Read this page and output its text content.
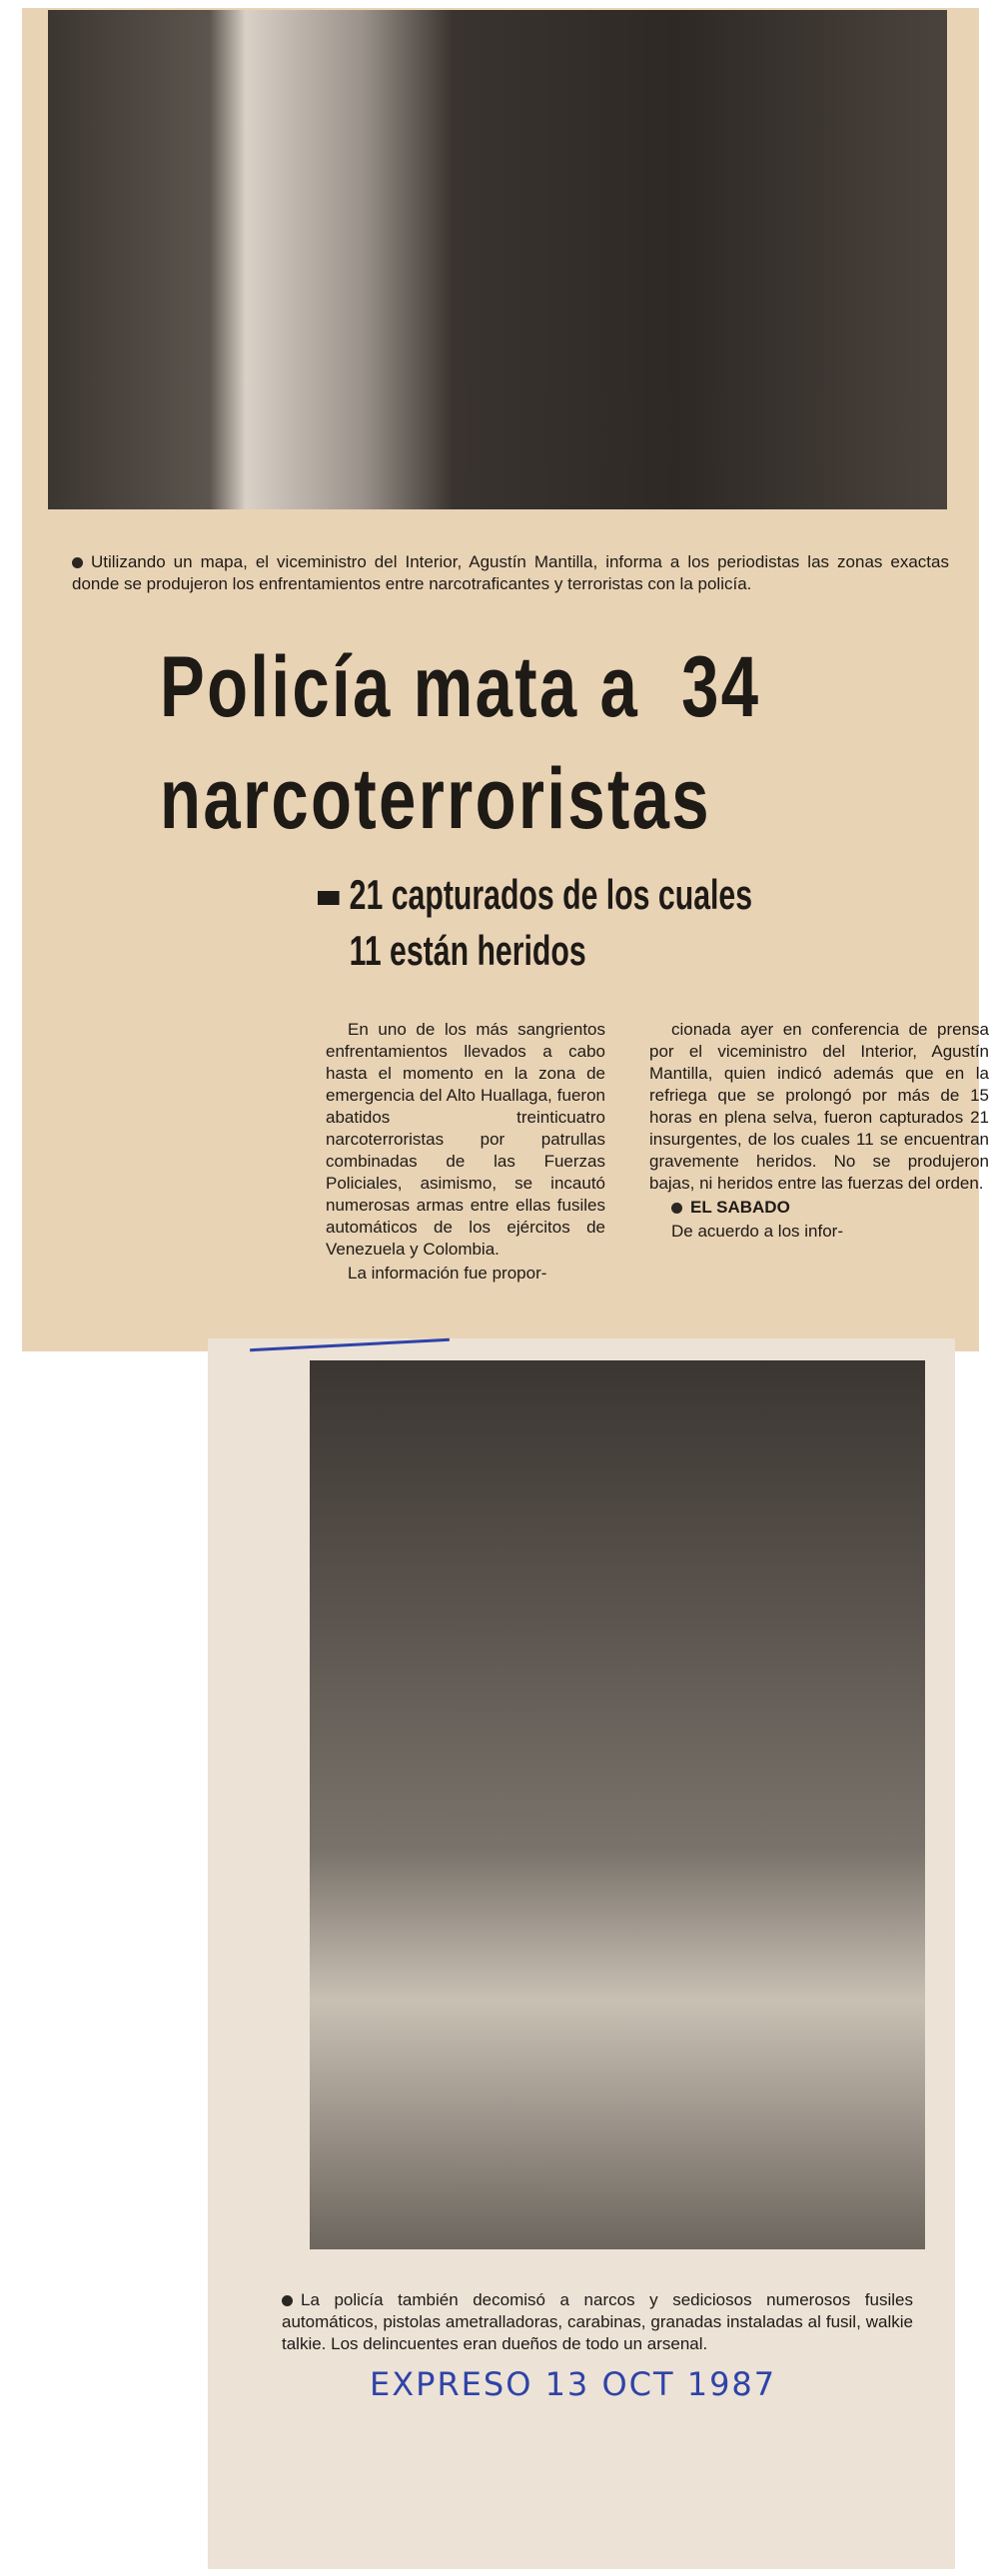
Utilizando un mapa, el viceministro del Interior, Agustín Mantilla, informa a los periodistas las zonas exactas donde se produjeron los enfrentamientos entre narcotraficantes y terroristas con la policía.

Policía mata a  34
narcoterroristas
21 capturados de los cuales
11 están heridos

En uno de los más sangrientos enfrentamientos llevados a cabo hasta el momento en la zona de emergencia del Alto Huallaga, fueron abatidos treinticuatro narcoterroristas por patrullas combinadas de las Fuerzas Policiales, asimismo, se incautó numerosas armas entre ellas fusiles automáticos de los ejércitos de Venezuela y Colombia.

La información fue propor-

cionada ayer en conferencia de prensa por el viceministro del Interior, Agustín Mantilla, quien indicó además que en la refriega que se prolongó por más de 15 horas en plena selva, fueron capturados 21 insurgentes, de los cuales 11 se encuentran gravemente heridos. No se produjeron bajas, ni heridos entre las fuerzas del orden.

EL SABADO

De acuerdo a los infor-

La policía también decomisó a narcos y sediciosos numerosos fusiles automáticos, pistolas ametralladoras, carabinas, granadas instaladas al fusil, walkie talkie. Los delincuentes eran dueños de todo un arsenal.

EXPRESO 13 OCT 1987
